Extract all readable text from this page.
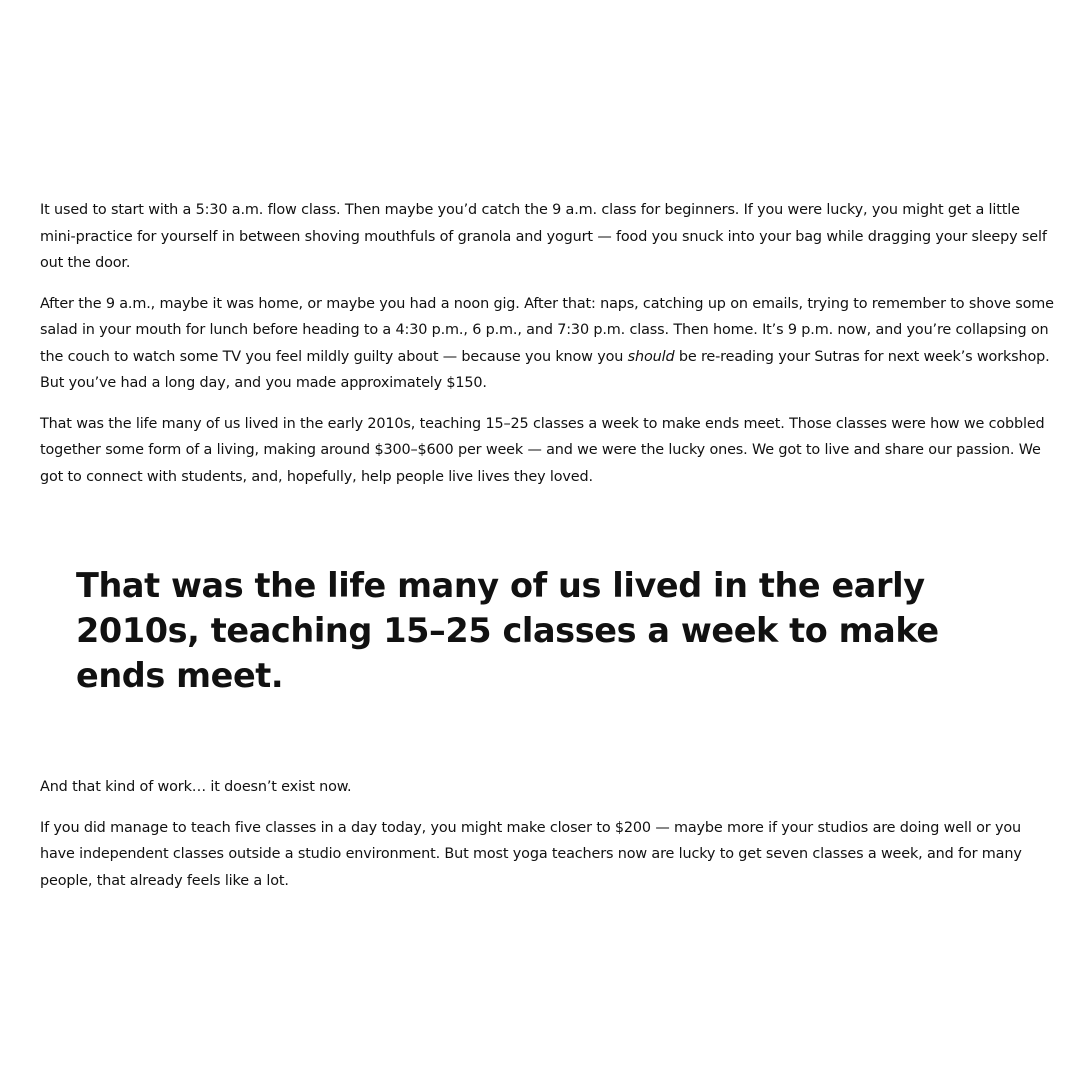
It used to start with a 5:30 a.m. flow class. Then maybe you’d catch the 9 a.m. class for beginners. If you were lucky, you might get a little mini-practice for yourself in between shoving mouthfuls of granola and yogurt — food you snuck into your bag while dragging your sleepy self out the door.

After the 9 a.m., maybe it was home, or maybe you had a noon gig. After that: naps, catching up on emails, trying to remember to shove some salad in your mouth for lunch before heading to a 4:30 p.m., 6 p.m., and 7:30 p.m. class. Then home. It’s 9 p.m. now, and you’re collapsing on the couch to watch some TV you feel mildly guilty about — because you know you should be re-reading your Sutras for next week’s workshop. But you’ve had a long day, and you made approximately $150.

That was the life many of us lived in the early 2010s, teaching 15–25 classes a week to make ends meet. Those classes were how we cobbled together some form of a living, making around $300–$600 per week — and we were the lucky ones. We got to live and share our passion. We got to connect with students, and, hopefully, help people live lives they loved.

That was the life many of us lived in the early 2010s, teaching 15–25 classes a week to make ends meet.

And that kind of work… it doesn’t exist now.

If you did manage to teach five classes in a day today, you might make closer to $200 — maybe more if your studios are doing well or you have independent classes outside a studio environment. But most yoga teachers now are lucky to get seven classes a week, and for many people, that already feels like a lot.
